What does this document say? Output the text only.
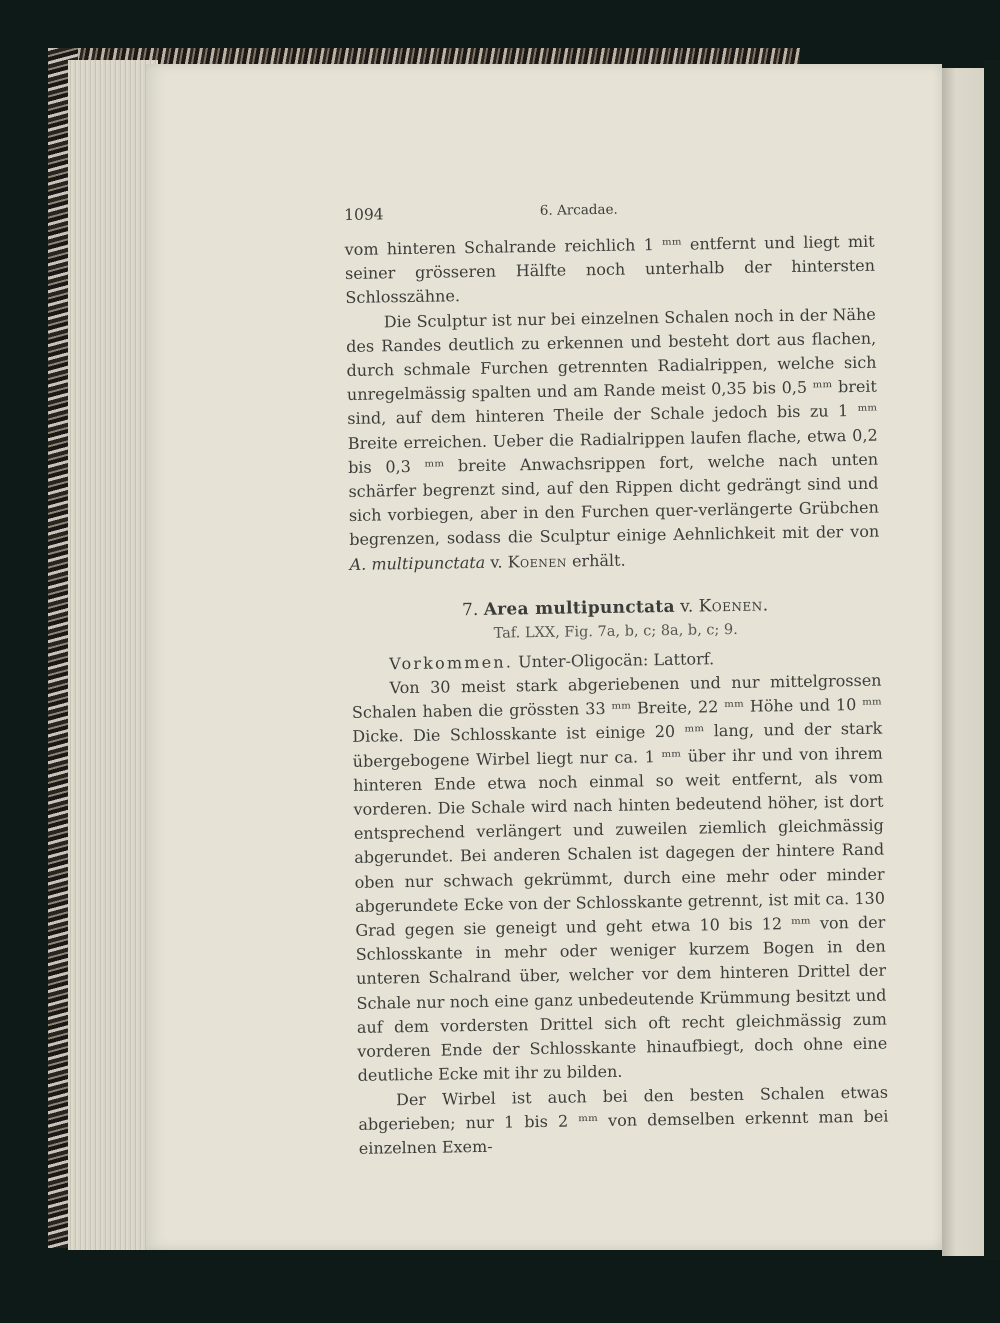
1094	6. Arcadae.

vom hinteren Schalrande reichlich 1 ᵐᵐ entfernt und liegt mit seiner grösseren Hälfte noch unterhalb der hintersten Schlosszähne.

Die Sculptur ist nur bei einzelnen Schalen noch in der Nähe des Randes deutlich zu erkennen und besteht dort aus flachen, durch schmale Furchen getrennten Radialrippen, welche sich unregelmässig spalten und am Rande meist 0,35 bis 0,5 ᵐᵐ breit sind, auf dem hinteren Theile der Schale jedoch bis zu 1 ᵐᵐ Breite erreichen. Ueber die Radialrippen laufen flache, etwa 0,2 bis 0,3 ᵐᵐ breite Anwachsrippen fort, welche nach unten schärfer begrenzt sind, auf den Rippen dicht gedrängt sind und sich vorbiegen, aber in den Furchen quer-verlängerte Grübchen begrenzen, sodass die Sculptur einige Aehnlichkeit mit der von A. multipunctata v. Koenen erhält.

7. Area multipunctata v. Koenen.
Taf. LXX, Fig. 7a, b, c; 8a, b, c; 9.

Vorkommen. Unter-Oligocän: Lattorf.

Von 30 meist stark abgeriebenen und nur mittelgrossen Schalen haben die grössten 33 ᵐᵐ Breite, 22 ᵐᵐ Höhe und 10 ᵐᵐ Dicke. Die Schlosskante ist einige 20 ᵐᵐ lang, und der stark übergebogene Wirbel liegt nur ca. 1 ᵐᵐ über ihr und von ihrem hinteren Ende etwa noch einmal so weit entfernt, als vom vorderen. Die Schale wird nach hinten bedeutend höher, ist dort entsprechend verlängert und zuweilen ziemlich gleichmässig abgerundet. Bei anderen Schalen ist dagegen der hintere Rand oben nur schwach gekrümmt, durch eine mehr oder minder abgerundete Ecke von der Schlosskante getrennt, ist mit ca. 130 Grad gegen sie geneigt und geht etwa 10 bis 12 ᵐᵐ von der Schlosskante in mehr oder weniger kurzem Bogen in den unteren Schalrand über, welcher vor dem hinteren Drittel der Schale nur noch eine ganz unbedeutende Krümmung besitzt und auf dem vordersten Drittel sich oft recht gleichmässig zum vorderen Ende der Schlosskante hinaufbiegt, doch ohne eine deutliche Ecke mit ihr zu bilden.

Der Wirbel ist auch bei den besten Schalen etwas abgerieben; nur 1 bis 2 ᵐᵐ von demselben erkennt man bei einzelnen Exem-
